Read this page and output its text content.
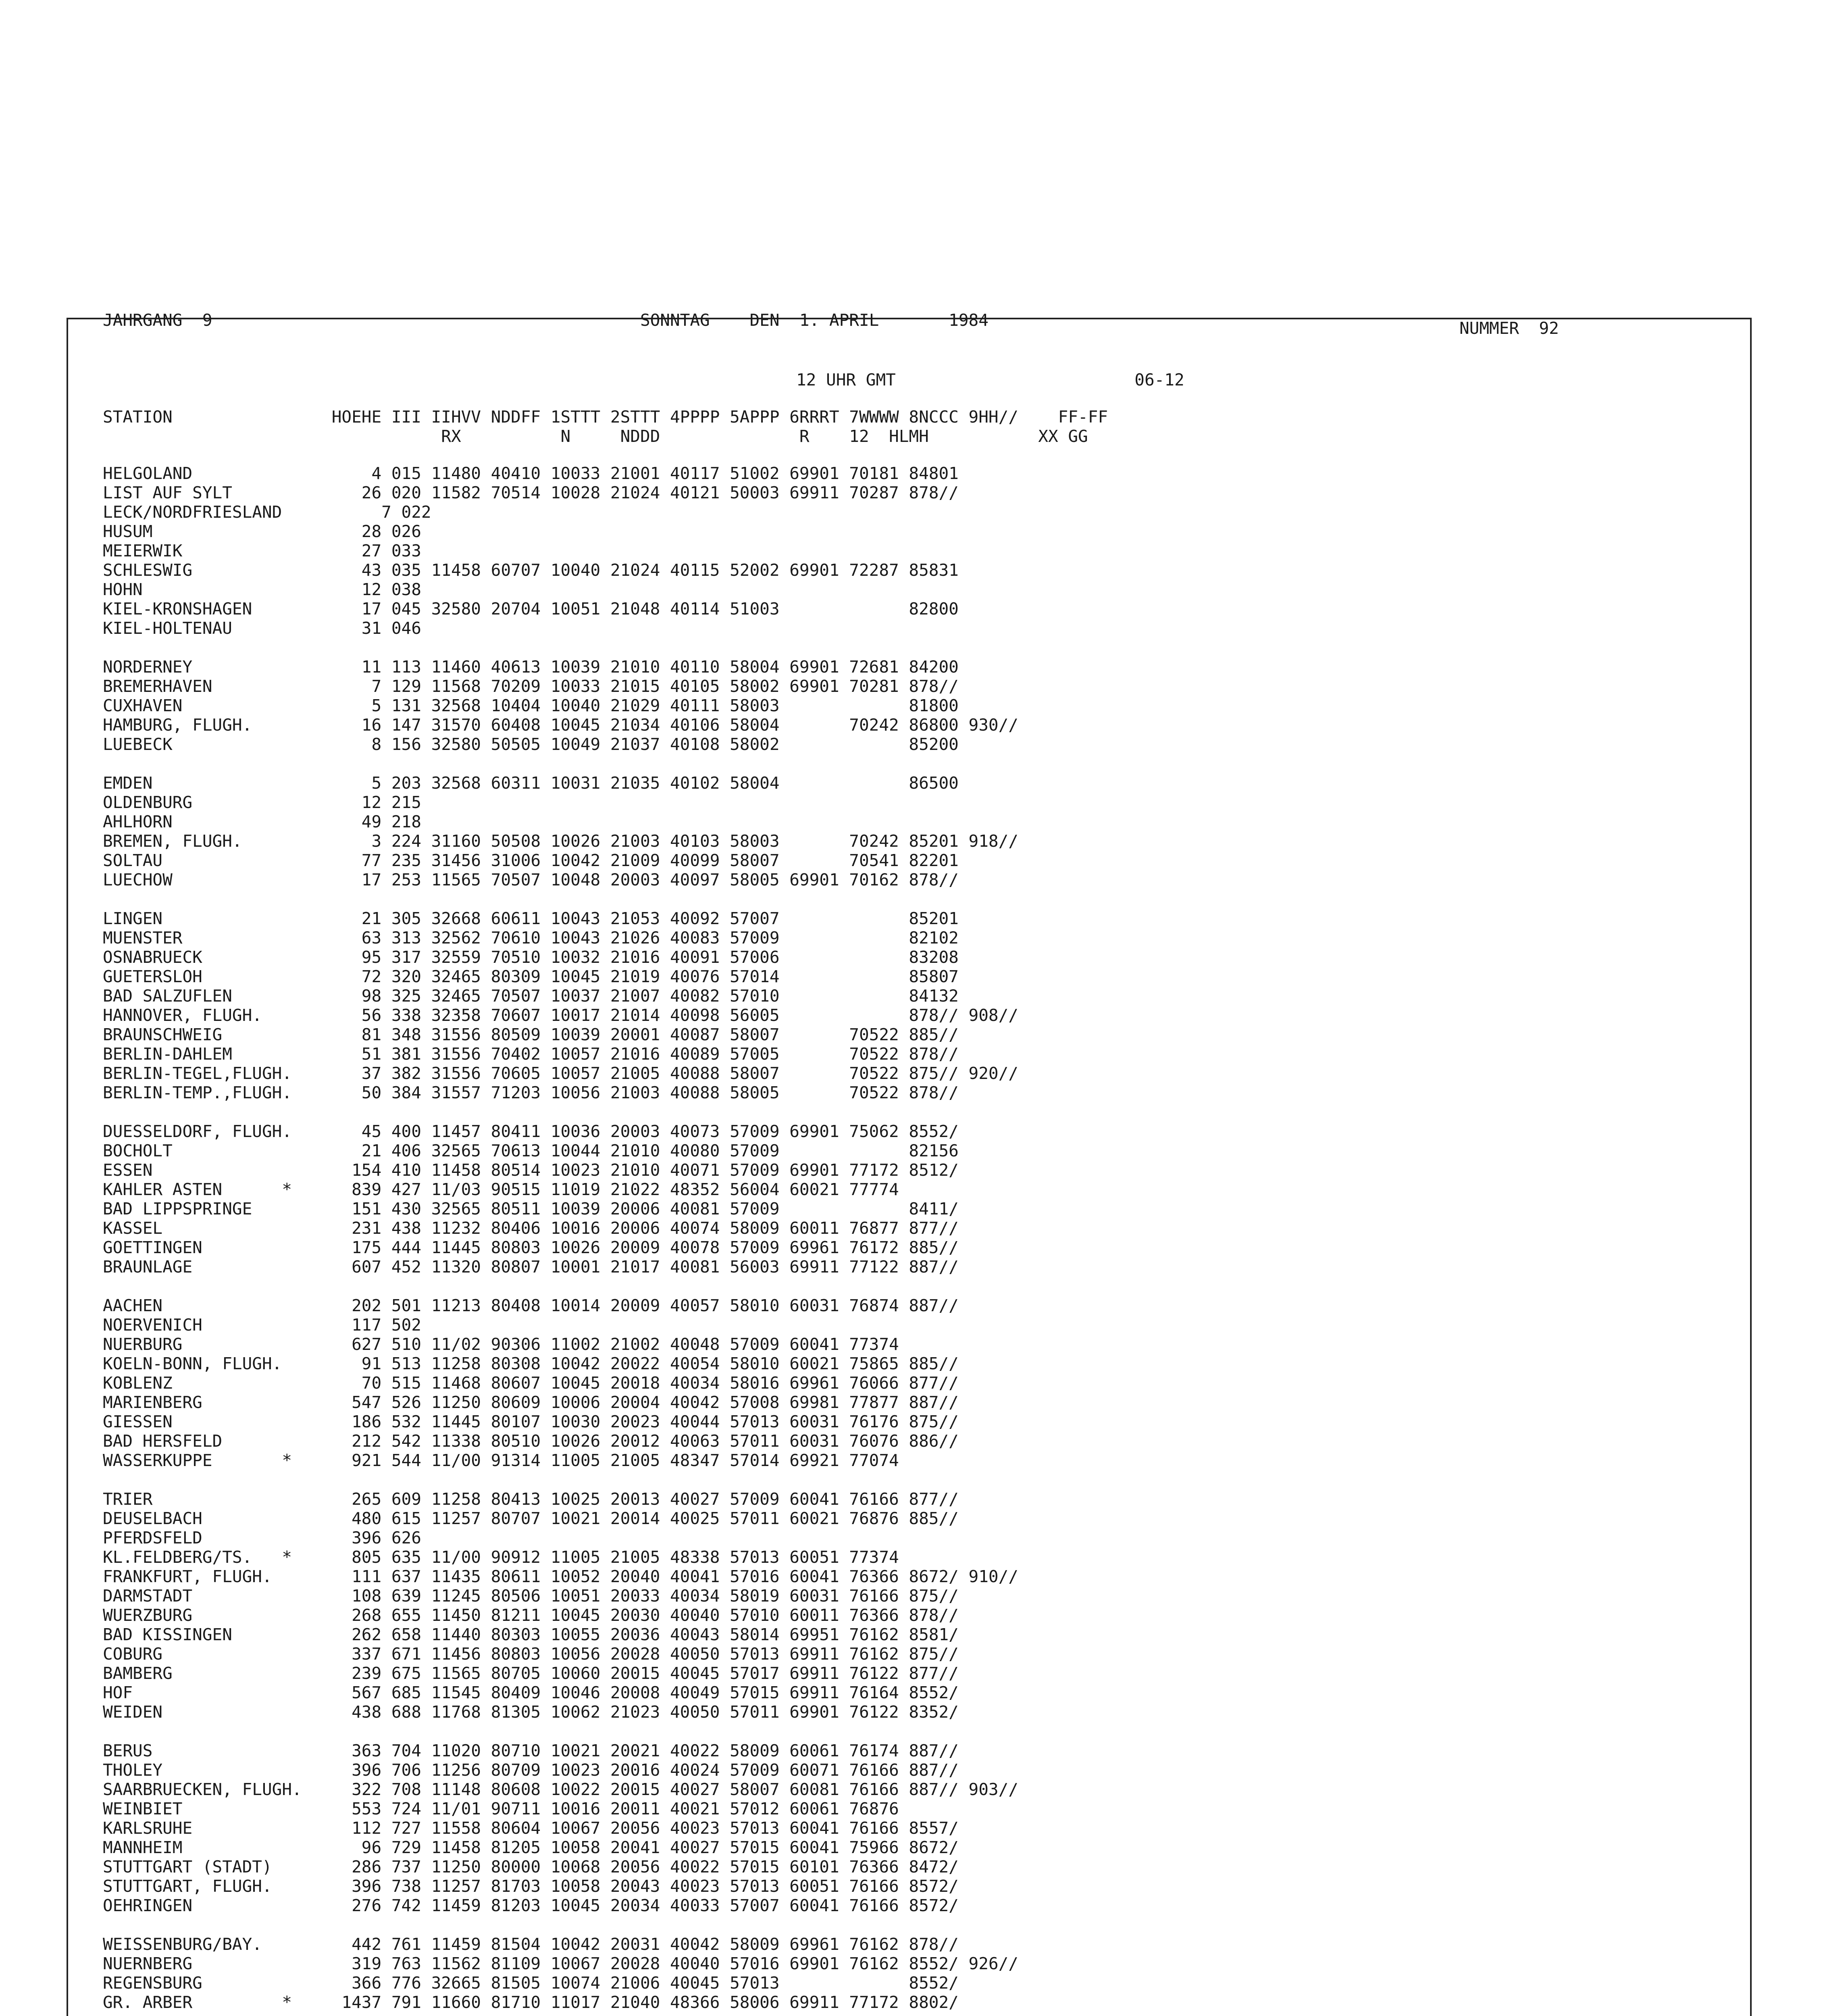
JAHRGANG  9                                           SONNTAG    DEN  1. APRIL       1984	NUMMER  92
12 UHR GMT                        06-12
STATION                HOEHE III IIHVV NDDFF 1STTT 2STTT 4PPPP 5APPP 6RRRT 7WWWW 8NCCC 9HH//    FF-FF
RX          N     NDDD              R    12  HLMH           XX GG
HELGOLAND                  4 015 11480 40410 10033 21001 40117 51002 69901 70181 84801
LIST AUF SYLT             26 020 11582 70514 10028 21024 40121 50003 69911 70287 878//
LECK/NORDFRIESLAND          7 022
HUSUM                     28 026
MEIERWIK                  27 033
SCHLESWIG                 43 035 11458 60707 10040 21024 40115 52002 69901 72287 85831
HOHN                      12 038
KIEL-KRONSHAGEN           17 045 32580 20704 10051 21048 40114 51003             82800
KIEL-HOLTENAU             31 046

NORDERNEY                 11 113 11460 40613 10039 21010 40110 58004 69901 72681 84200
BREMERHAVEN                7 129 11568 70209 10033 21015 40105 58002 69901 70281 878//
CUXHAVEN                   5 131 32568 10404 10040 21029 40111 58003             81800
HAMBURG, FLUGH.           16 147 31570 60408 10045 21034 40106 58004       70242 86800 930//
LUEBECK                    8 156 32580 50505 10049 21037 40108 58002             85200

EMDEN                      5 203 32568 60311 10031 21035 40102 58004             86500
OLDENBURG                 12 215
AHLHORN                   49 218
BREMEN, FLUGH.             3 224 31160 50508 10026 21003 40103 58003       70242 85201 918//
SOLTAU                    77 235 31456 31006 10042 21009 40099 58007       70541 82201
LUECHOW                   17 253 11565 70507 10048 20003 40097 58005 69901 70162 878//

LINGEN                    21 305 32668 60611 10043 21053 40092 57007             85201
MUENSTER                  63 313 32562 70610 10043 21026 40083 57009             82102
OSNABRUECK                95 317 32559 70510 10032 21016 40091 57006             83208
GUETERSLOH                72 320 32465 80309 10045 21019 40076 57014             85807
BAD SALZUFLEN             98 325 32465 70507 10037 21007 40082 57010             84132
HANNOVER, FLUGH.          56 338 32358 70607 10017 21014 40098 56005             878// 908//
BRAUNSCHWEIG              81 348 31556 80509 10039 20001 40087 58007       70522 885//
BERLIN-DAHLEM             51 381 31556 70402 10057 21016 40089 57005       70522 878//
BERLIN-TEGEL,FLUGH.       37 382 31556 70605 10057 21005 40088 58007       70522 875// 920//
BERLIN-TEMP.,FLUGH.       50 384 31557 71203 10056 21003 40088 58005       70522 878//

DUESSELDORF, FLUGH.       45 400 11457 80411 10036 20003 40073 57009 69901 75062 8552/
BOCHOLT                   21 406 32565 70613 10044 21010 40080 57009             82156
ESSEN                    154 410 11458 80514 10023 21010 40071 57009 69901 77172 8512/
KAHLER ASTEN      *      839 427 11/03 90515 11019 21022 48352 56004 60021 77774
BAD LIPPSPRINGE          151 430 32565 80511 10039 20006 40081 57009             8411/
KASSEL                   231 438 11232 80406 10016 20006 40074 58009 60011 76877 877//
GOETTINGEN               175 444 11445 80803 10026 20009 40078 57009 69961 76172 885//
BRAUNLAGE                607 452 11320 80807 10001 21017 40081 56003 69911 77122 887//

AACHEN                   202 501 11213 80408 10014 20009 40057 58010 60031 76874 887//
NOERVENICH               117 502
NUERBURG                 627 510 11/02 90306 11002 21002 40048 57009 60041 77374
KOELN-BONN, FLUGH.        91 513 11258 80308 10042 20022 40054 58010 60021 75865 885//
KOBLENZ                   70 515 11468 80607 10045 20018 40034 58016 69961 76066 877//
MARIENBERG               547 526 11250 80609 10006 20004 40042 57008 69981 77877 887//
GIESSEN                  186 532 11445 80107 10030 20023 40044 57013 60031 76176 875//
BAD HERSFELD             212 542 11338 80510 10026 20012 40063 57011 60031 76076 886//
WASSERKUPPE       *      921 544 11/00 91314 11005 21005 48347 57014 69921 77074

TRIER                    265 609 11258 80413 10025 20013 40027 57009 60041 76166 877//
DEUSELBACH               480 615 11257 80707 10021 20014 40025 57011 60021 76876 885//
PFERDSFELD               396 626
KL.FELDBERG/TS.   *      805 635 11/00 90912 11005 21005 48338 57013 60051 77374
FRANKFURT, FLUGH.        111 637 11435 80611 10052 20040 40041 57016 60041 76366 8672/ 910//
DARMSTADT                108 639 11245 80506 10051 20033 40034 58019 60031 76166 875//
WUERZBURG                268 655 11450 81211 10045 20030 40040 57010 60011 76366 878//
BAD KISSINGEN            262 658 11440 80303 10055 20036 40043 58014 69951 76162 8581/
COBURG                   337 671 11456 80803 10056 20028 40050 57013 69911 76162 875//
BAMBERG                  239 675 11565 80705 10060 20015 40045 57017 69911 76122 877//
HOF                      567 685 11545 80409 10046 20008 40049 57015 69911 76164 8552/
WEIDEN                   438 688 11768 81305 10062 21023 40050 57011 69901 76122 8352/

BERUS                    363 704 11020 80710 10021 20021 40022 58009 60061 76174 887//
THOLEY                   396 706 11256 80709 10023 20016 40024 57009 60071 76166 887//
SAARBRUECKEN, FLUGH.     322 708 11148 80608 10022 20015 40027 58007 60081 76166 887// 903//
WEINBIET                 553 724 11/01 90711 10016 20011 40021 57012 60061 76876
KARLSRUHE                112 727 11558 80604 10067 20056 40023 57013 60041 76166 8557/
MANNHEIM                  96 729 11458 81205 10058 20041 40027 57015 60041 75966 8672/
STUTTGART (STADT)        286 737 11250 80000 10068 20056 40022 57015 60101 76366 8472/
STUTTGART, FLUGH.        396 738 11257 81703 10058 20043 40023 57013 60051 76166 8572/
OEHRINGEN                276 742 11459 81203 10045 20034 40033 57007 60041 76166 8572/

WEISSENBURG/BAY.         442 761 11459 81504 10042 20031 40042 58009 69961 76162 878//
NUERNBERG                319 763 11562 81109 10067 20028 40040 57016 69901 76162 8552/ 926//
REGENSBURG               366 776 32665 81505 10074 21006 40045 57013             8552/
GR. ARBER         *     1437 791 11660 81710 11017 21040 48366 58006 69911 77172 8802/
